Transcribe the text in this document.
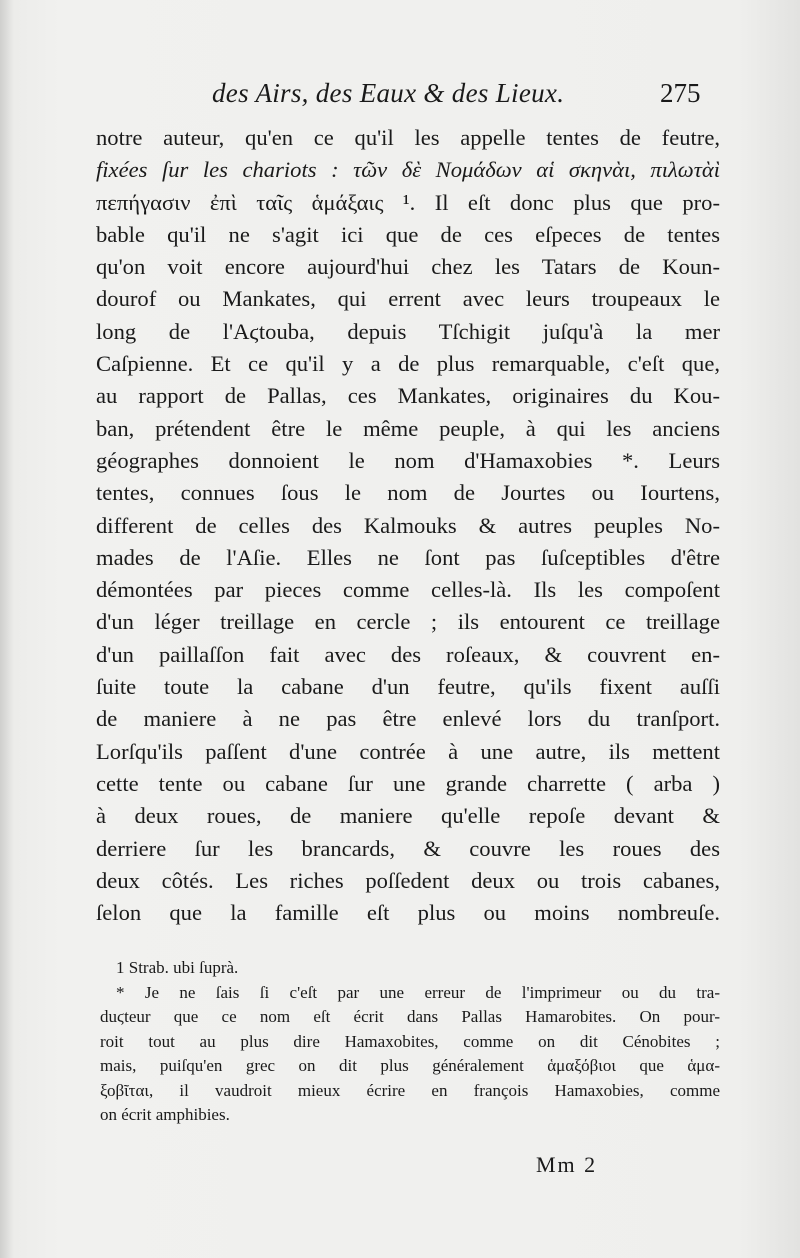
des Airs, des Eaux & des Lieux.	275
notre auteur, qu'en ce qu'il les appelle tentes de feutre,
fixées ſur les chariots : τῶν δὲ Νομάδων αἱ σκηνὰι, πιλωτὰὶ
πεπήγασιν ἐπὶ ταῖς ἁμάξαις ¹. Il eſt donc plus que pro-
bable qu'il ne s'agit ici que de ces eſpeces de tentes
qu'on voit encore aujourd'hui chez les Tatars de Koun-
dourof ou Mankates, qui errent avec leurs troupeaux le
long de l'Aϛtouba, depuis Tſchigit juſqu'à la mer
Caſpienne. Et ce qu'il y a de plus remarquable, c'eſt que,
au rapport de Pallas, ces Mankates, originaires du Kou-
ban, prétendent être le même peuple, à qui les anciens
géographes donnoient le nom d'Hamaxobies *. Leurs
tentes, connues ſous le nom de Jourtes ou Iourtens,
different de celles des Kalmouks & autres peuples No-
mades de l'Aſie. Elles ne ſont pas ſuſceptibles d'être
démontées par pieces comme celles-là. Ils les compoſent
d'un léger treillage en cercle ; ils entourent ce treillage
d'un paillaſſon fait avec des roſeaux, & couvrent en-
ſuite toute la cabane d'un feutre, qu'ils fixent auſſi
de maniere à ne pas être enlevé lors du tranſport.
Lorſqu'ils paſſent d'une contrée à une autre, ils mettent
cette tente ou cabane ſur une grande charrette ( arba )
à deux roues, de maniere qu'elle repoſe devant &
derriere ſur les brancards, & couvre les roues des
deux côtés. Les riches poſſedent deux ou trois cabanes,
ſelon que la famille eſt plus ou moins nombreuſe.
1 Strab. ubi ſuprà.
* Je ne ſais ſi c'eſt par une erreur de l'imprimeur ou du tra-
duϛteur que ce nom eſt écrit dans Pallas Hamarobites. On pour-
roit tout au plus dire Hamaxobites, comme on dit Cénobites ;
mais, puiſqu'en grec on dit plus généralement ἁμαξόβιοι que ἁμα-
ξοβῖται, il vaudroit mieux écrire en françois Hamaxobies, comme
on écrit amphibies.
Mm 2
